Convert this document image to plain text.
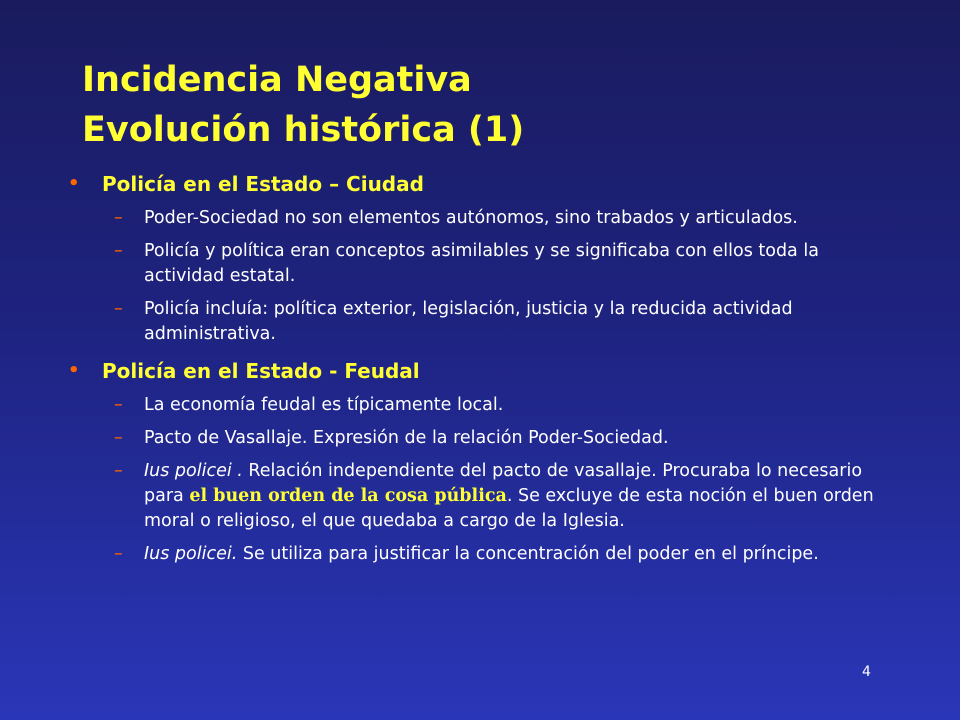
Incidencia Negativa
Evolución histórica (1)
• Policía en el Estado – Ciudad
– Poder-Sociedad no son elementos autónomos, sino trabados y articulados.
– Policía y política eran conceptos asimilables y se significaba con ellos toda la actividad estatal.
– Policía incluía: política exterior, legislación, justicia y la reducida actividad administrativa.
• Policía en el Estado - Feudal
– La economía feudal es típicamente local.
– Pacto de Vasallaje. Expresión de la relación Poder-Sociedad.
– Ius policei . Relación independiente del pacto de vasallaje. Procuraba lo necesario para el buen orden de la cosa pública. Se excluye de esta noción el buen orden moral o religioso, el que quedaba a cargo de la Iglesia.
– Ius policei. Se utiliza para justificar la concentración del poder en el príncipe.
4
